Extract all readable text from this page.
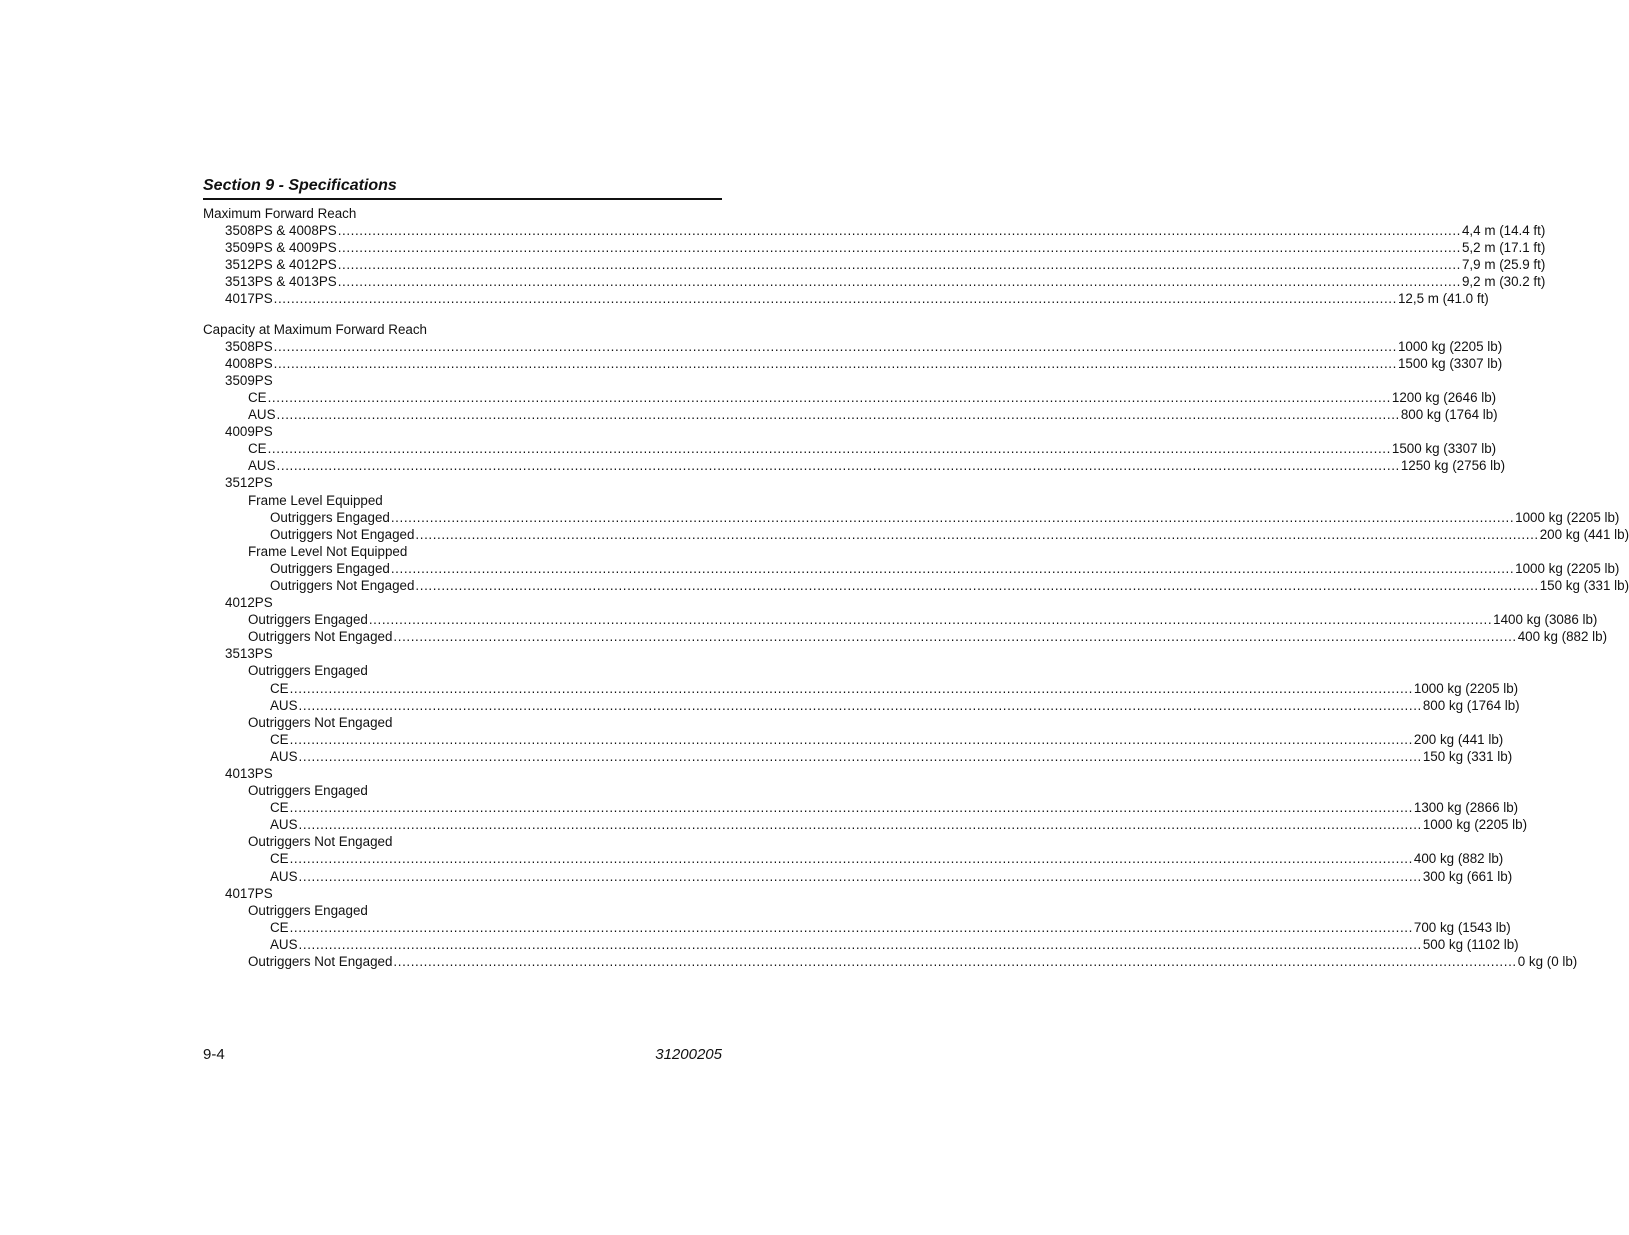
Section 9 - Specifications
Maximum Forward Reach
3508PS & 4008PS .................................................................................................................................................................................................................................................................... 4,4 m (14.4 ft)
3509PS & 4009PS .................................................................................................................................................................................................................................................................... 5,2 m (17.1 ft)
3512PS & 4012PS .................................................................................................................................................................................................................................................................... 7,9 m (25.9 ft)
3513PS & 4013PS .................................................................................................................................................................................................................................................................... 9,2 m (30.2 ft)
4017PS .................................................................................................................................................................................................................................................................... 12,5 m (41.0 ft)
Capacity at Maximum Forward Reach
3508PS .................................................................................................................................................................................................................................................................... 1000 kg (2205 lb)
4008PS .................................................................................................................................................................................................................................................................... 1500 kg (3307 lb)
3509PS
CE .................................................................................................................................................................................................................................................................... 1200 kg (2646 lb)
AUS .................................................................................................................................................................................................................................................................... 800 kg (1764 lb)
4009PS
CE .................................................................................................................................................................................................................................................................... 1500 kg (3307 lb)
AUS .................................................................................................................................................................................................................................................................... 1250 kg (2756 lb)
3512PS
Frame Level Equipped
Outriggers Engaged .................................................................................................................................................................................................................................................................... 1000 kg (2205 lb)
Outriggers Not Engaged .................................................................................................................................................................................................................................................................... 200 kg (441 lb)
Frame Level Not Equipped
Outriggers Engaged .................................................................................................................................................................................................................................................................... 1000 kg (2205 lb)
Outriggers Not Engaged .................................................................................................................................................................................................................................................................... 150 kg (331 lb)
4012PS
Outriggers Engaged .................................................................................................................................................................................................................................................................... 1400 kg (3086 lb)
Outriggers Not Engaged .................................................................................................................................................................................................................................................................... 400 kg (882 lb)
3513PS
Outriggers Engaged
CE .................................................................................................................................................................................................................................................................... 1000 kg (2205 lb)
AUS .................................................................................................................................................................................................................................................................... 800 kg (1764 lb)
Outriggers Not Engaged
CE .................................................................................................................................................................................................................................................................... 200 kg (441 lb)
AUS .................................................................................................................................................................................................................................................................... 150 kg (331 lb)
4013PS
Outriggers Engaged
CE .................................................................................................................................................................................................................................................................... 1300 kg (2866 lb)
AUS .................................................................................................................................................................................................................................................................... 1000 kg (2205 lb)
Outriggers Not Engaged
CE .................................................................................................................................................................................................................................................................... 400 kg (882 lb)
AUS .................................................................................................................................................................................................................................................................... 300 kg (661 lb)
4017PS
Outriggers Engaged
CE .................................................................................................................................................................................................................................................................... 700 kg (1543 lb)
AUS .................................................................................................................................................................................................................................................................... 500 kg (1102 lb)
Outriggers Not Engaged .................................................................................................................................................................................................................................................................... 0 kg (0 lb)
9-4	31200205
